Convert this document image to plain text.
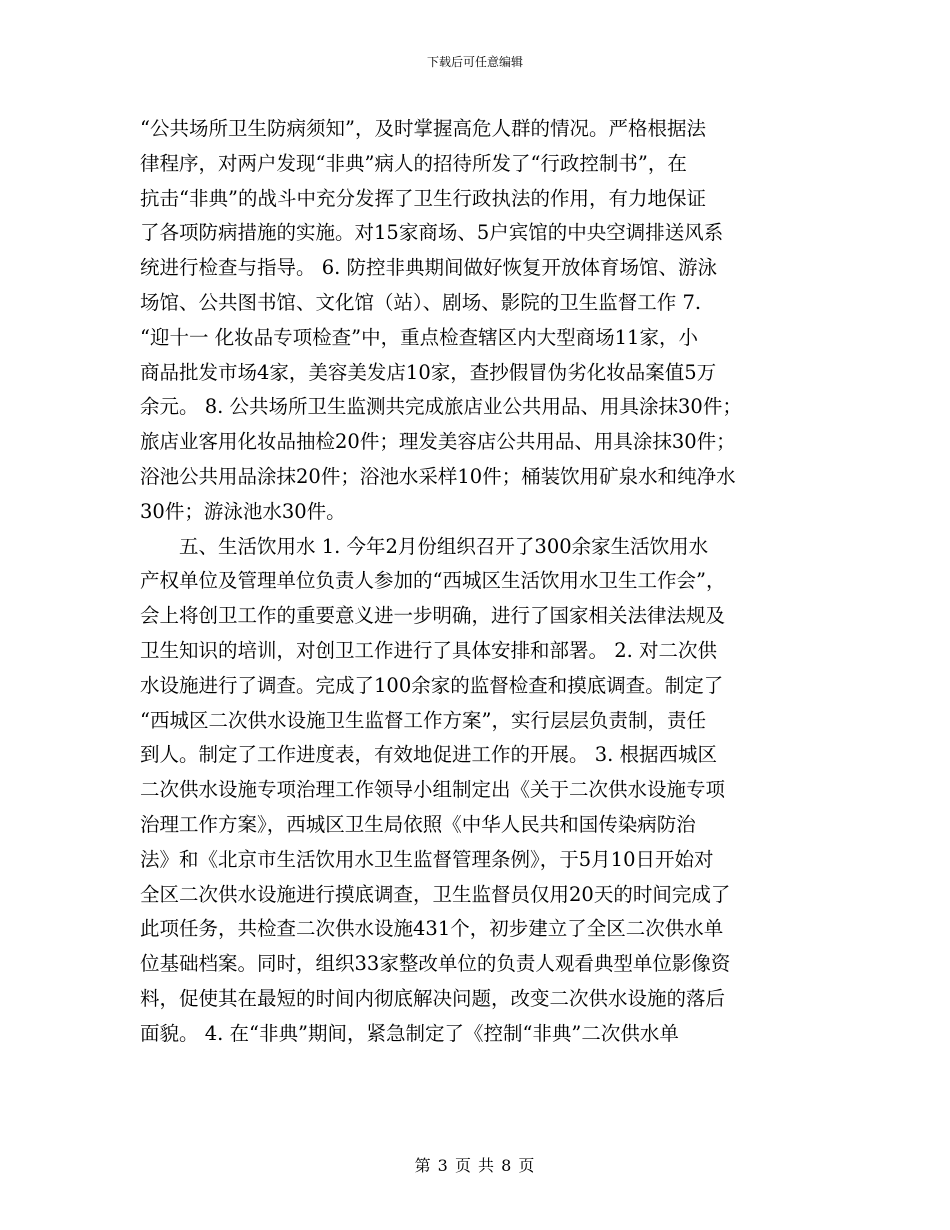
下载后可任意编辑
“公共场所卫生防病须知”，及时掌握高危人群的情况。严格根据法
律程序，对两户发现“非典”病人的招待所发了“行政控制书”，在
抗击“非典”的战斗中充分发挥了卫生行政执法的作用，有力地保证
了各项防病措施的实施。对15家商场、5户宾馆的中央空调排送风系
统进行检查与指导。 6. 防控非典期间做好恢复开放体育场馆、游泳
场馆、公共图书馆、文化馆（站）、剧场、影院的卫生监督工作 7.
“迎十一 化妆品专项检查”中，重点检查辖区内大型商场11家，小
商品批发市场4家，美容美发店10家，查抄假冒伪劣化妆品案值5万
余元。 8. 公共场所卫生监测共完成旅店业公共用品、用具涂抹30件；
旅店业客用化妆品抽检20件；理发美容店公共用品、用具涂抹30件；
浴池公共用品涂抹20件；浴池水采样10件；桶装饮用矿泉水和纯净水
30件；游泳池水30件。
　　五、生活饮用水 1. 今年2月份组织召开了300余家生活饮用水
产权单位及管理单位负责人参加的“西城区生活饮用水卫生工作会”，
会上将创卫工作的重要意义进一步明确，进行了国家相关法律法规及
卫生知识的培训，对创卫工作进行了具体安排和部署。 2. 对二次供
水设施进行了调查。完成了100余家的监督检查和摸底调查。制定了
“西城区二次供水设施卫生监督工作方案”，实行层层负责制，责任
到人。制定了工作进度表，有效地促进工作的开展。 3. 根据西城区
二次供水设施专项治理工作领导小组制定出《关于二次供水设施专项
治理工作方案》，西城区卫生局依照《中华人民共和国传染病防治
法》和《北京市生活饮用水卫生监督管理条例》，于5月10日开始对
全区二次供水设施进行摸底调查，卫生监督员仅用20天的时间完成了
此项任务，共检查二次供水设施431个，初步建立了全区二次供水单
位基础档案。同时，组织33家整改单位的负责人观看典型单位影像资
料，促使其在最短的时间内彻底解决问题，改变二次供水设施的落后
面貌。 4. 在“非典”期间，紧急制定了《控制“非典”二次供水单
第 3 页 共 8 页
